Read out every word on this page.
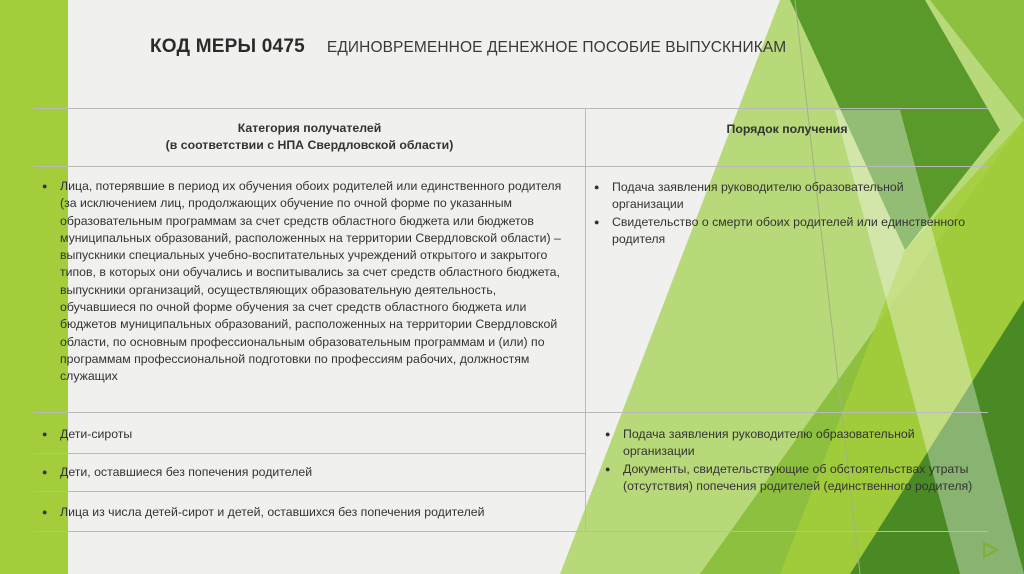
КОД МЕРЫ 0475 ЕДИНОВРЕМЕННОЕ ДЕНЕЖНОЕ ПОСОБИЕ ВЫПУСКНИКАМ
Категория получателей
(в соответствии с НПА Свердловской области)
Порядок получения
● Лица, потерявшие в период их обучения обоих родителей или единственного родителя (за исключением лиц, продолжающих обучение по очной форме по указанным образовательным программам за счет средств областного бюджета или бюджетов муниципальных образований, расположенных на территории Свердловской области) – выпускники специальных учебно-воспитательных учреждений открытого и закрытого типов, в которых они обучались и воспитывались за счет средств областного бюджета, выпускники организаций, осуществляющих образовательную деятельность, обучавшиеся по очной форме обучения за счет средств областного бюджета или бюджетов муниципальных образований, расположенных на территории Свердловской области, по основным профессиональным образовательным программам и (или) по программам профессиональной подготовки по профессиям рабочих, должностям служащих
● Подача заявления руководителю образовательной организации
● Свидетельство о смерти обоих родителей или единственного родителя
● Дети-сироты
● Дети, оставшиеся без попечения родителей
● Лица из числа детей-сирот и детей, оставшихся без попечения родителей
● Подача заявления руководителю образовательной организации
● Документы, свидетельствующие об обстоятельствах утраты (отсутствия) попечения родителей (единственного родителя)
